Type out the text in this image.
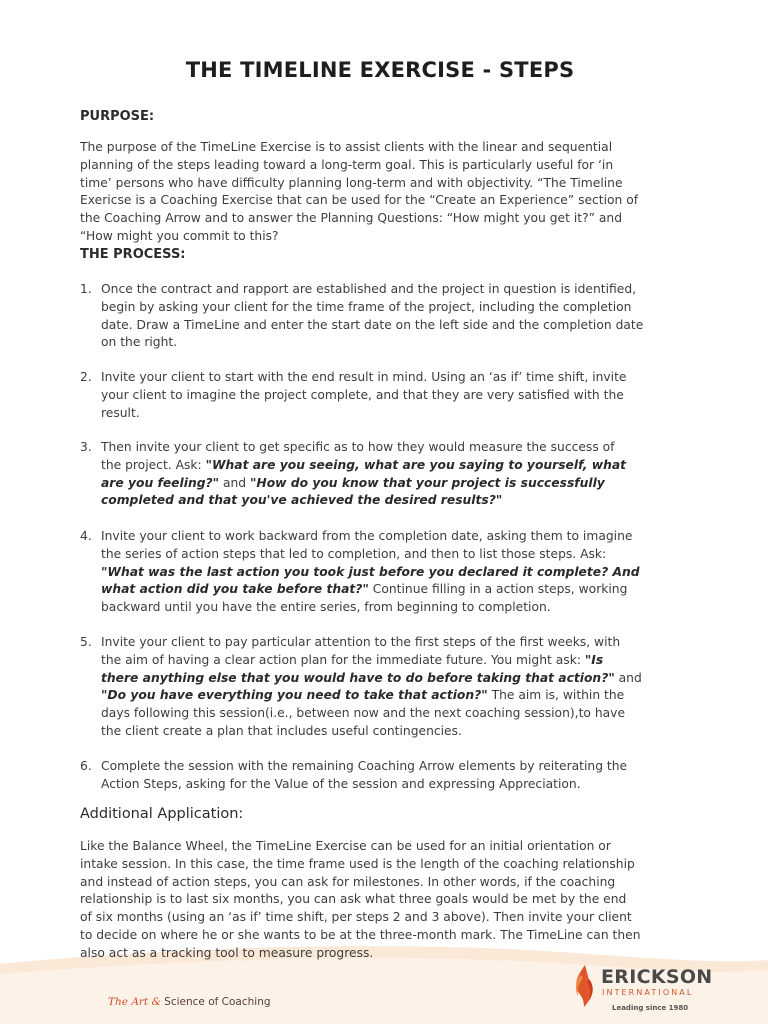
THE TIMELINE EXERCISE - STEPS
PURPOSE:
The purpose of the TimeLine Exercise is to assist clients with the linear and sequential
planning of the steps leading toward a long-term goal. This is particularly useful for ‘in
time’ persons who have difficulty planning long-term and with objectivity. “The Timeline
Exericse is a Coaching Exercise that can be used for the “Create an Experience” section of
the Coaching Arrow and to answer the Planning Questions: “How might you get it?” and
“How might you commit to this?
THE PROCESS:
1. Once the contract and rapport are established and the project in question is identified,
begin by asking your client for the time frame of the project, including the completion
date. Draw a TimeLine and enter the start date on the left side and the completion date
on the right.
2. Invite your client to start with the end result in mind. Using an ‘as if’ time shift, invite
your client to imagine the project complete, and that they are very satisfied with the
result.
3. Then invite your client to get specific as to how they would measure the success of
the project. Ask: "What are you seeing, what are you saying to yourself, what
are you feeling?" and "How do you know that your project is successfully
completed and that you've achieved the desired results?"
4. Invite your client to work backward from the completion date, asking them to imagine
the series of action steps that led to completion, and then to list those steps. Ask:
"What was the last action you took just before you declared it complete? And
what action did you take before that?" Continue filling in a action steps, working
backward until you have the entire series, from beginning to completion.
5. Invite your client to pay particular attention to the first steps of the first weeks, with
the aim of having a clear action plan for the immediate future. You might ask: "Is
there anything else that you would have to do before taking that action?" and
"Do you have everything you need to take that action?" The aim is, within the
days following this session(i.e., between now and the next coaching session),to have
the client create a plan that includes useful contingencies.
6. Complete the session with the remaining Coaching Arrow elements by reiterating the
Action Steps, asking for the Value of the session and expressing Appreciation.
Additional Application:
Like the Balance Wheel, the TimeLine Exercise can be used for an initial orientation or
intake session. In this case, the time frame used is the length of the coaching relationship
and instead of action steps, you can ask for milestones. In other words, if the coaching
relationship is to last six months, you can ask what three goals would be met by the end
of six months (using an ‘as if’ time shift, per steps 2 and 3 above). Then invite your client
to decide on where he or she wants to be at the three-month mark. The TimeLine can then
also act as a tracking tool to measure progress.
The Art & Science of Coaching
ERICKSON
INTERNATIONAL
Leading since 1980
